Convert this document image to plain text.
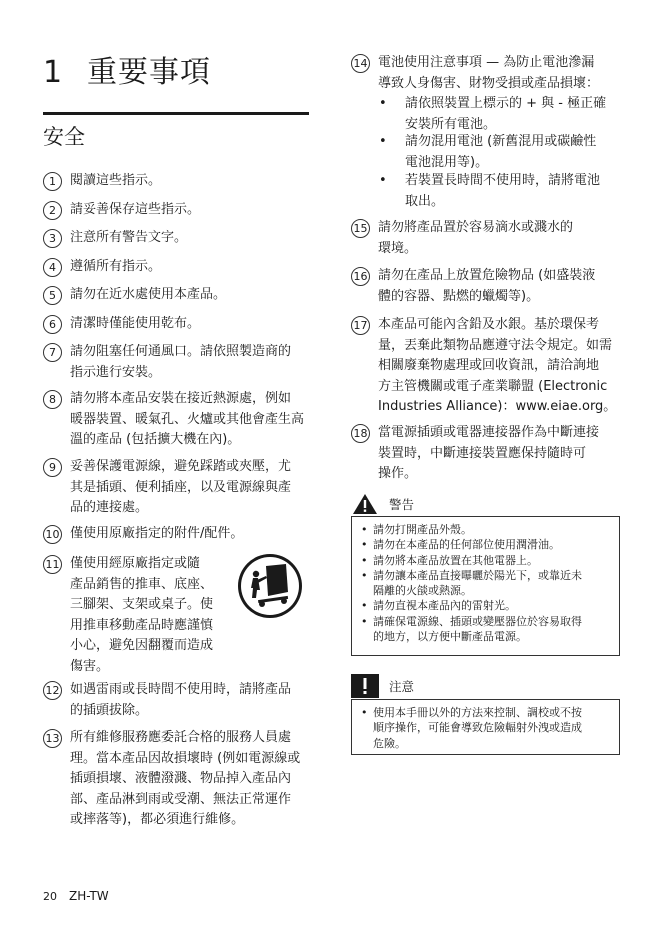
1 重要事項
安全
1	閱讀這些指示。
2	請妥善保存這些指示。
3	注意所有警告文字。
4	遵循所有指示。
5	請勿在近水處使用本產品。
6	清潔時僅能使用乾布。
7	請勿阻塞任何通風口。請依照製造商的
指示進行安裝。
8	請勿將本產品安裝在接近熱源處，例如
暖器裝置、暖氣孔、火爐或其他會產生高
溫的產品 (包括擴大機在內)。
9	妥善保護電源線，避免踩踏或夾壓，尤
其是插頭、便利插座，以及電源線與產
品的連接處。
10 僅使用原廠指定的附件/配件。
11 僅使用經原廠指定或隨
產品銷售的推車、底座、
三腳架、支架或桌子。使
用推車移動產品時應謹慎
小心，避免因翻覆而造成
傷害。
12 如遇雷雨或長時間不使用時，請將產品
的插頭拔除。
13 所有維修服務應委託合格的服務人員處
理。當本產品因故損壞時 (例如電源線或
插頭損壞、液體潑濺、物品掉入產品內
部、產品淋到雨或受潮、無法正常運作
或摔落等)，都必須進行維修。
14 電池使用注意事項 — 為防止電池滲漏
導致人身傷害、財物受損或產品損壞：
•	請依照裝置上標示的 + 與 - 極正確
安裝所有電池。
•	請勿混用電池 (新舊混用或碳鹼性
電池混用等)。
•	若裝置長時間不使用時，請將電池
取出。
15 請勿將產品置於容易滴水或濺水的
環境。
16 請勿在產品上放置危險物品 (如盛裝液
體的容器、點燃的蠟燭等)。
17 本產品可能內含鉛及水銀。基於環保考
量，丟棄此類物品應遵守法令規定。如需
相關廢棄物處理或回收資訊，請洽詢地
方主管機關或電子產業聯盟 (Electronic
Industries Alliance)：www.eiae.org。
18 當電源插頭或電器連接器作為中斷連接
裝置時，中斷連接裝置應保持隨時可
操作。
警告
• 請勿打開產品外殼。
• 請勿在本產品的任何部位使用潤滑油。
• 請勿將本產品放置在其他電器上。
• 請勿讓本產品直接曝曬於陽光下，或靠近未
隔離的火燄或熱源。
• 請勿直視本產品內的雷射光。
• 請確保電源線、插頭或變壓器位於容易取得
的地方，以方便中斷產品電源。
注意
• 使用本手冊以外的方法來控制、調校或不按
順序操作，可能會導致危險輻射外洩或造成
危險。
20 ZH-TW
